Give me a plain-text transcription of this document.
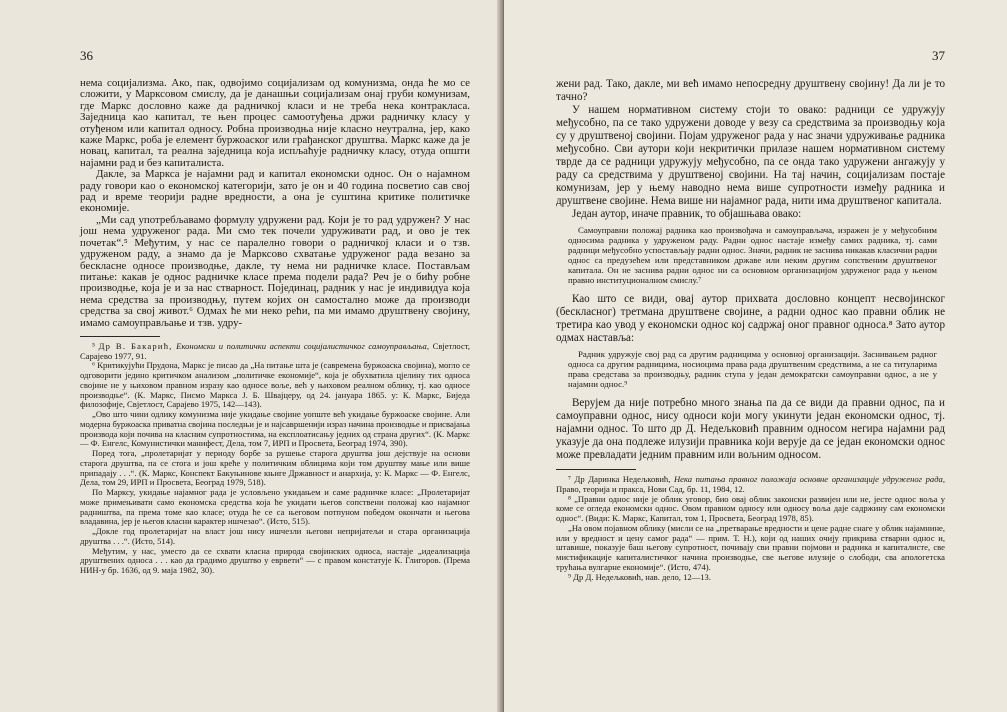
36

нема социјализма. Ако, пак, одвојимо социјализам од комунизма, онда ће мо се сложити, у Марксовом смислу, да је данашњи социјализам онај груби комунизам, где Маркс дословно каже да радничкој класи и не треба нека контракласа. Заједница као капитал, те њен процес самоотуђења држи радничку класу у отуђеном или капитал односу. Робна производња није класно неутрална, јер, како каже Маркс, роба је елемент буржоаског или грађанског друштва. Маркс каже да је новац, капитал, та реална заједница која испљаћује радничку класу, отуда општи најамни рад и без капиталиста.

Дакле, за Маркса је најамни рад и капитал економски однос. Он о најамном раду говори као о економској категорији, зато је он и 40 година посветио сав свој рад и време теорији радне вредности, а она је суштина критике политичке економије.

„Ми сад употребљавамо формулу удружени рад. Који је то рад удружен? У нас још нема удруженог рада. Ми смо тек почели удруживати рад, и ово је тек почетак“.⁵ Међутим, у нас се паралелно говори о радничкој класи и о тзв. удруженом раду, а знамо да је Марксово схватање удруженог рада везано за бескласне односе производње, дакле, ту нема ни радничке класе. Постављам питање: какав је однос радничке класе према подели рада? Реч је о бићу робне производње, која је и за нас стварност. Појединац, радник у нас је индивидуа која нема средства за производњу, путем којих он самостално може да производи средства за свој живот.⁶ Одмах ће ми неко рећи, па ми имамо друштвену својину, имамо самоуправљање и тзв. удру-

⁵ Др В. Бакарић, Економски и политички аспекти социјалистичког самоуправљања, Свјетлост, Сарајево 1977, 91.

⁶ Критикујући Прудона, Маркс је писао да „На питање шта је (савремена буржоаска својина), могло се одговорити једино критичком анализом „политичке економије“, која је обухватила цјелину тих односа својине не у њиховом правном изразу као односе воље, већ у њиховом реалном облику, тј. као односе производње“. (К. Маркс, Писмо Маркса Ј. Б. Швајцеру, од 24. јануара 1865. у: К. Маркс, Биједа филозофије, Свјетлост, Сарајево 1975, 142—143).

„Ово што чини одлику комунизма није укидање својине уопште већ укидање буржоаске својине. Али модерна буржоаска приватна својина последњи је и најсавршенији израз начина производње и присвајања производа који почива на класним супротностима, на експлоатисању једних од страна других“. (К. Маркс — Ф. Енгелс, Комунистички манифест, Дела, том 7, ИРП и Просвета, Београд 1974, 390).

Поред тога, „пролетаријат у периоду борбе за рушење старога друштва још дејствује на основи старога друштва, па се стога и још креће у политичким облицима који том друштву мање или више припадају . . .“. (К. Маркс, Конспект Бакуњинове књиге Државност и анархија, у: К. Маркс — Ф. Енгелс, Дела, том 29, ИРП и Просвета, Београд 1979, 518).

По Марксу, укидање најамног рада је условљено укидањем и саме радничке класе: „Пролетаријат може примењивати само економска средства која ће укидати његов сопствени положај као најамног радништва, па према томе као класе; отуда ће се са његовом потпуном победом окончати и његова владавина, јер је његов класни карактер ишчезао“. (Исто, 515).

„Докле год пролетаријат на власт још нису ишчезли његови непријатељи и стара организација друштва . . .“. (Исто, 514).

Међутим, у нас, уместо да се схвати класна природа својинских односа, настаје „идеализација друштвених односа . . . као да градимо друштво у еврвети“ — с правом констатује К. Глигоров. (Према НИН-у бр. 1636, од 9. маја 1982, 30).

37

жени рад. Тако, дакле, ми већ имамо непосредну друштвену својину! Да ли је то тачно?

У нашем нормативном систему стоји то овако: радници се удружују међусобно, па се тако удружени доводе у везу са средствима за производњу која су у друштвеној својини. Појам удруженог рада у нас значи удруживање радника међусобно. Сви аутори који некритички прилазе нашем нормативном систему тврде да се радници удружују међусобно, па се онда тако удружени ангажују у раду са средствима у друштвеној својини. На тај начин, социјализам постаје комунизам, јер у њему наводно нема више супротности између радника и друштвене својине. Нема више ни најамног рада, нити има друштвеног капитала.

Један аутор, иначе правник, то објашњава овако:

Самоуправни положај радника као произвођача и самоуправљача, изражен је у међусобним односима радника у удруженом раду. Радни однос настаје између самих радника, тј. сами радници међусобно успостављају радни однос. Значи, радник не заснива никакав класични радни однос са предузећем или представником државе или неким другим сопственим друштвеног капитала. Он не заснива радни однос ни са основном организацијом удруженог рада у њеном правно институционалном смислу.⁷

Као што се види, овај аутор прихвата дословно концепт несвојинског (бескласног) третмана друштвене својине, а радни однос као правни облик не третира као увод у економски однос кој садржај оног правног односа.⁸ Зато аутор одмах наставља:

Радник удружује свој рад са другим радницима у основној организацији. Заснивањем радног односа са другим радницима, носиоцима права рада друштвеним средствима, а не са титуларима права средстава за производњу, радник ступа у један демократски самоуправни однос, а не у најамни однос.⁹

Верујем да није потребно много знања па да се види да правни однос, па и самоуправни однос, нису односи који могу укинути један економски однос, тј. најамни однос. То што др Д. Недељковић правним односом негира најамни рад указује да она подлеже илузији правника који верује да се један економски однос може превладати једним правним или вољним односом.

⁷ Др Даринка Недељковић, Нека питања правног положаја основне организације удруженог рада, Право, теорија и пракса, Нови Сад, бр. 11, 1984, 12.

⁸ „Правни однос није је облик уговор, био овај облик законски развијен или не, јесте однос воља у коме се огледа економски однос. Овом правном односу или односу воља даје садржину сам економски однос“. (Види: К. Маркс, Капитал, том 1, Просвета, Београд 1978, 85).

„На овом појавном облику (мисли се на „претварање вредности и цене радне снаге у облик најамнине, или у вредност и цену самог рада“ — прим. Т. Н.), који од наших очију прикрива стварни однос и, штавише, показује баш његову супротност, почивају сви правни појмови и радника и капиталисте, све мистификације капиталистичког начина производње, све његове илузије о слободи, сва апологетска трућања вулгарне економије“. (Исто, 474).

⁹ Др Д. Недељковић, нав. дело, 12—13.
